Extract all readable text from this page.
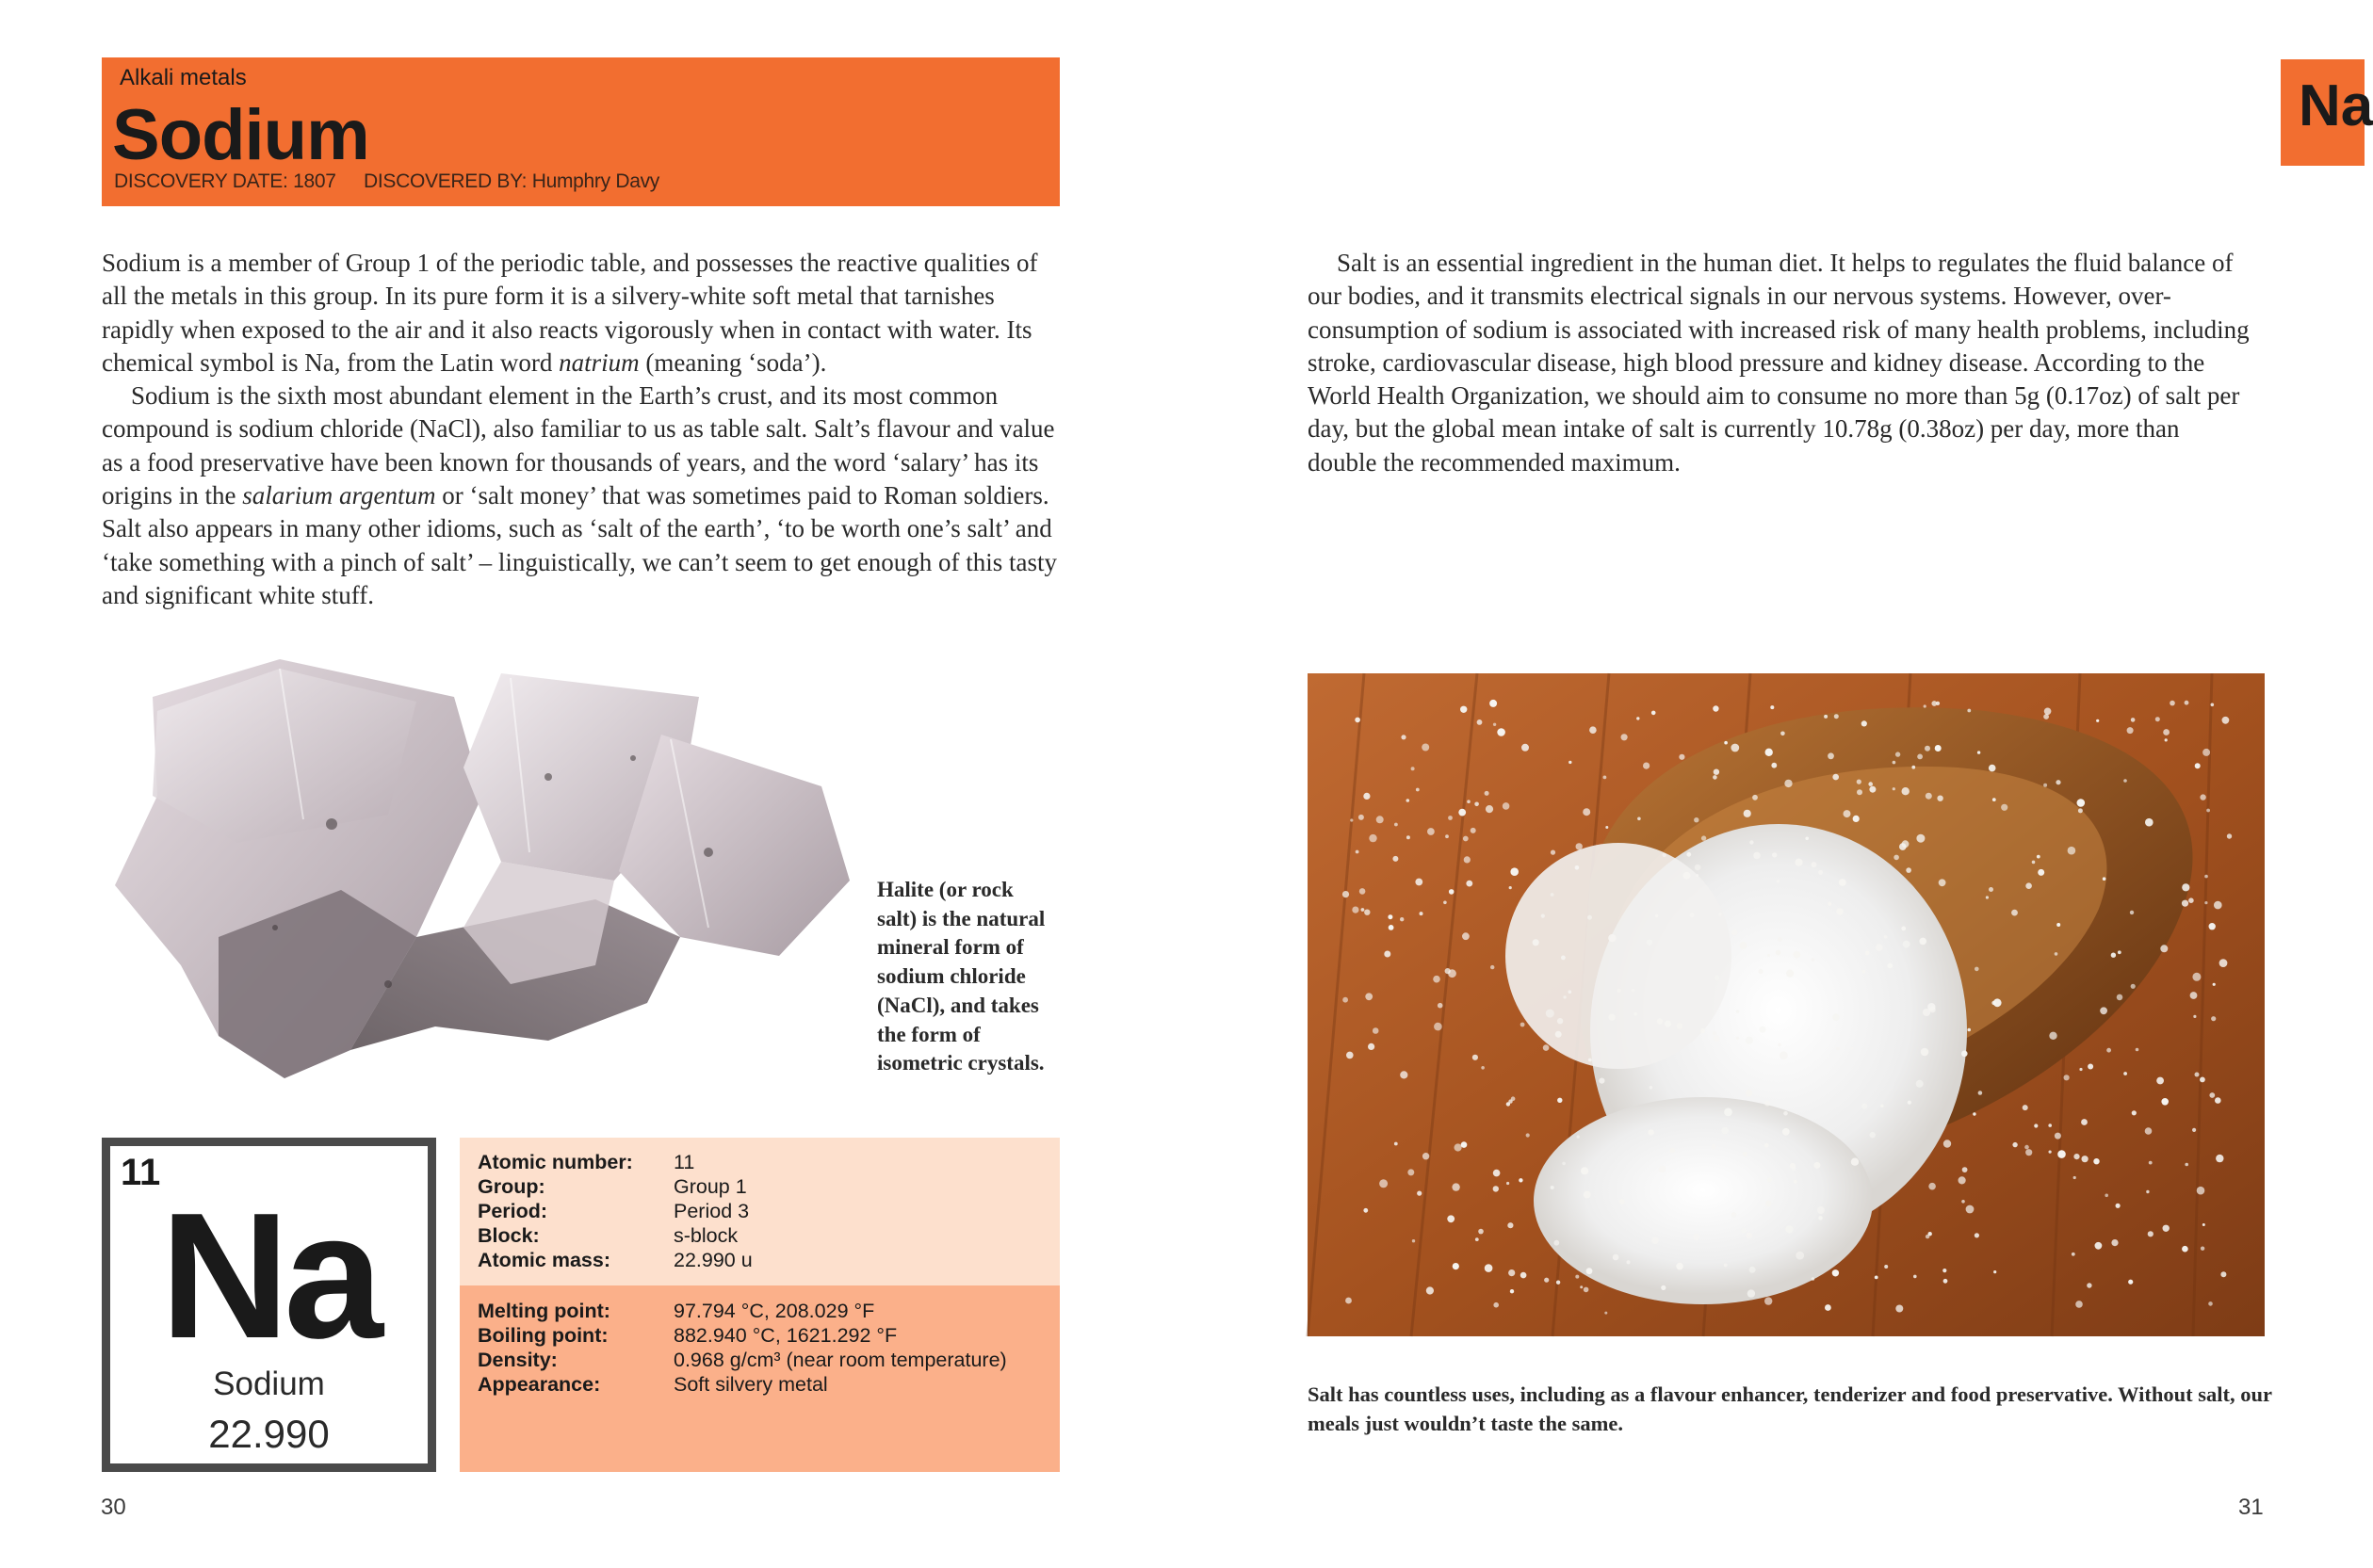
Alkali metals
Sodium
DISCOVERY DATE: 1807 DISCOVERED BY: Humphry Davy
Na

Sodium is a member of Group 1 of the periodic table, and possesses the reactive qualities of all the metals in this group. In its pure form it is a silvery-white soft metal that tarnishes rapidly when exposed to the air and it also reacts vigorously when in contact with water. Its chemical symbol is Na, from the Latin word natrium (meaning ‘soda’).

Sodium is the sixth most abundant element in the Earth’s crust, and its most common compound is sodium chloride (NaCl), also familiar to us as table salt. Salt’s flavour and value as a food preservative have been known for thousands of years, and the word ‘salary’ has its origins in the salarium argentum or ‘salt money’ that was sometimes paid to Roman soldiers. Salt also appears in many other idioms, such as ‘salt of the earth’, ‘to be worth one’s salt’ and ‘take something with a pinch of salt’ – linguistically, we can’t seem to get enough of this tasty and significant white stuff.

Salt is an essential ingredient in the human diet. It helps to regulates the fluid balance of our bodies, and it transmits electrical signals in our nervous systems. However, over-consumption of sodium is associated with increased risk of many health problems, including stroke, cardiovascular disease, high blood pressure and kidney disease. According to the World Health Organization, we should aim to consume no more than 5g (0.17oz) of salt per day, but the global mean intake of salt is currently 10.78g (0.38oz) per day, more than double the recommended maximum.

Halite (or rock salt) is the natural mineral form of sodium chloride (NaCl), and takes the form of isometric crystals.
Salt has countless uses, including as a flavour enhancer, tenderizer and food preservative. Without salt, our meals just wouldn’t taste the same.
11
Na
Sodium
22.990
Atomic number: 11
Group:	Group 1
Period:	Period 3
Block:	s-block
Atomic mass:	22.990 u
Melting point:	97.794 °C, 208.029 °F
Boiling point:	882.940 °C, 1621.292 °F
Density:	0.968 g/cm³ (near room temperature)
Appearance:	Soft silvery metal
30	31
